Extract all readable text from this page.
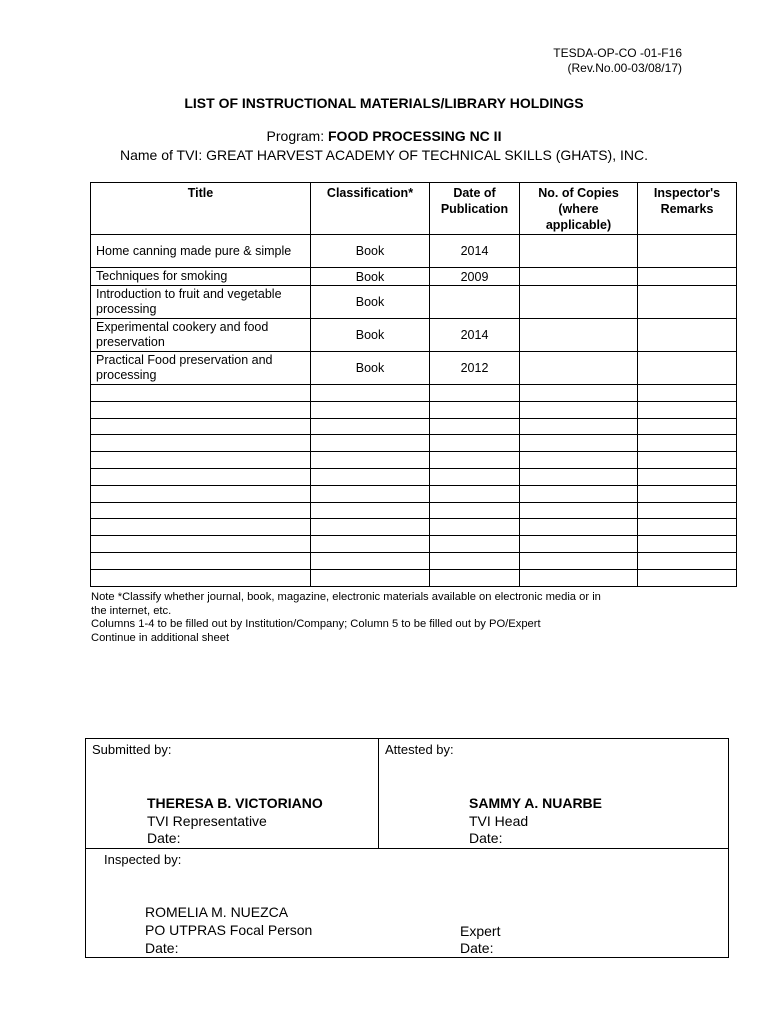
TESDA-OP-CO -01-F16
(Rev.No.00-03/08/17)
LIST OF INSTRUCTIONAL MATERIALS/LIBRARY HOLDINGS
Program: FOOD PROCESSING NC II
Name of TVI: GREAT HARVEST ACADEMY OF TECHNICAL SKILLS (GHATS), INC.
Title	Classification*	Date of Publication	No. of Copies (where applicable)	Inspector's Remarks
Home canning made pure & simple	Book	2014		
Techniques for smoking	Book	2009		
Introduction to fruit and vegetable processing	Book			
Experimental cookery and food preservation	Book	2014		
Practical Food preservation and processing	Book	2012		

Note *Classify whether journal, book, magazine, electronic materials available on electronic media or in

the internet, etc.

Columns 1-4 to be filled out by Institution/Company; Column 5 to be filled out by PO/Expert

Continue in additional sheet

Submitted by:
THERESA B. VICTORIANO
TVI Representative
Date:
Attested by:
SAMMY A. NUARBE
TVI Head
Date:
Inspected by:
ROMELIA M. NUEZCA
PO UTPRAS Focal Person
Date:
Expert
Date:
